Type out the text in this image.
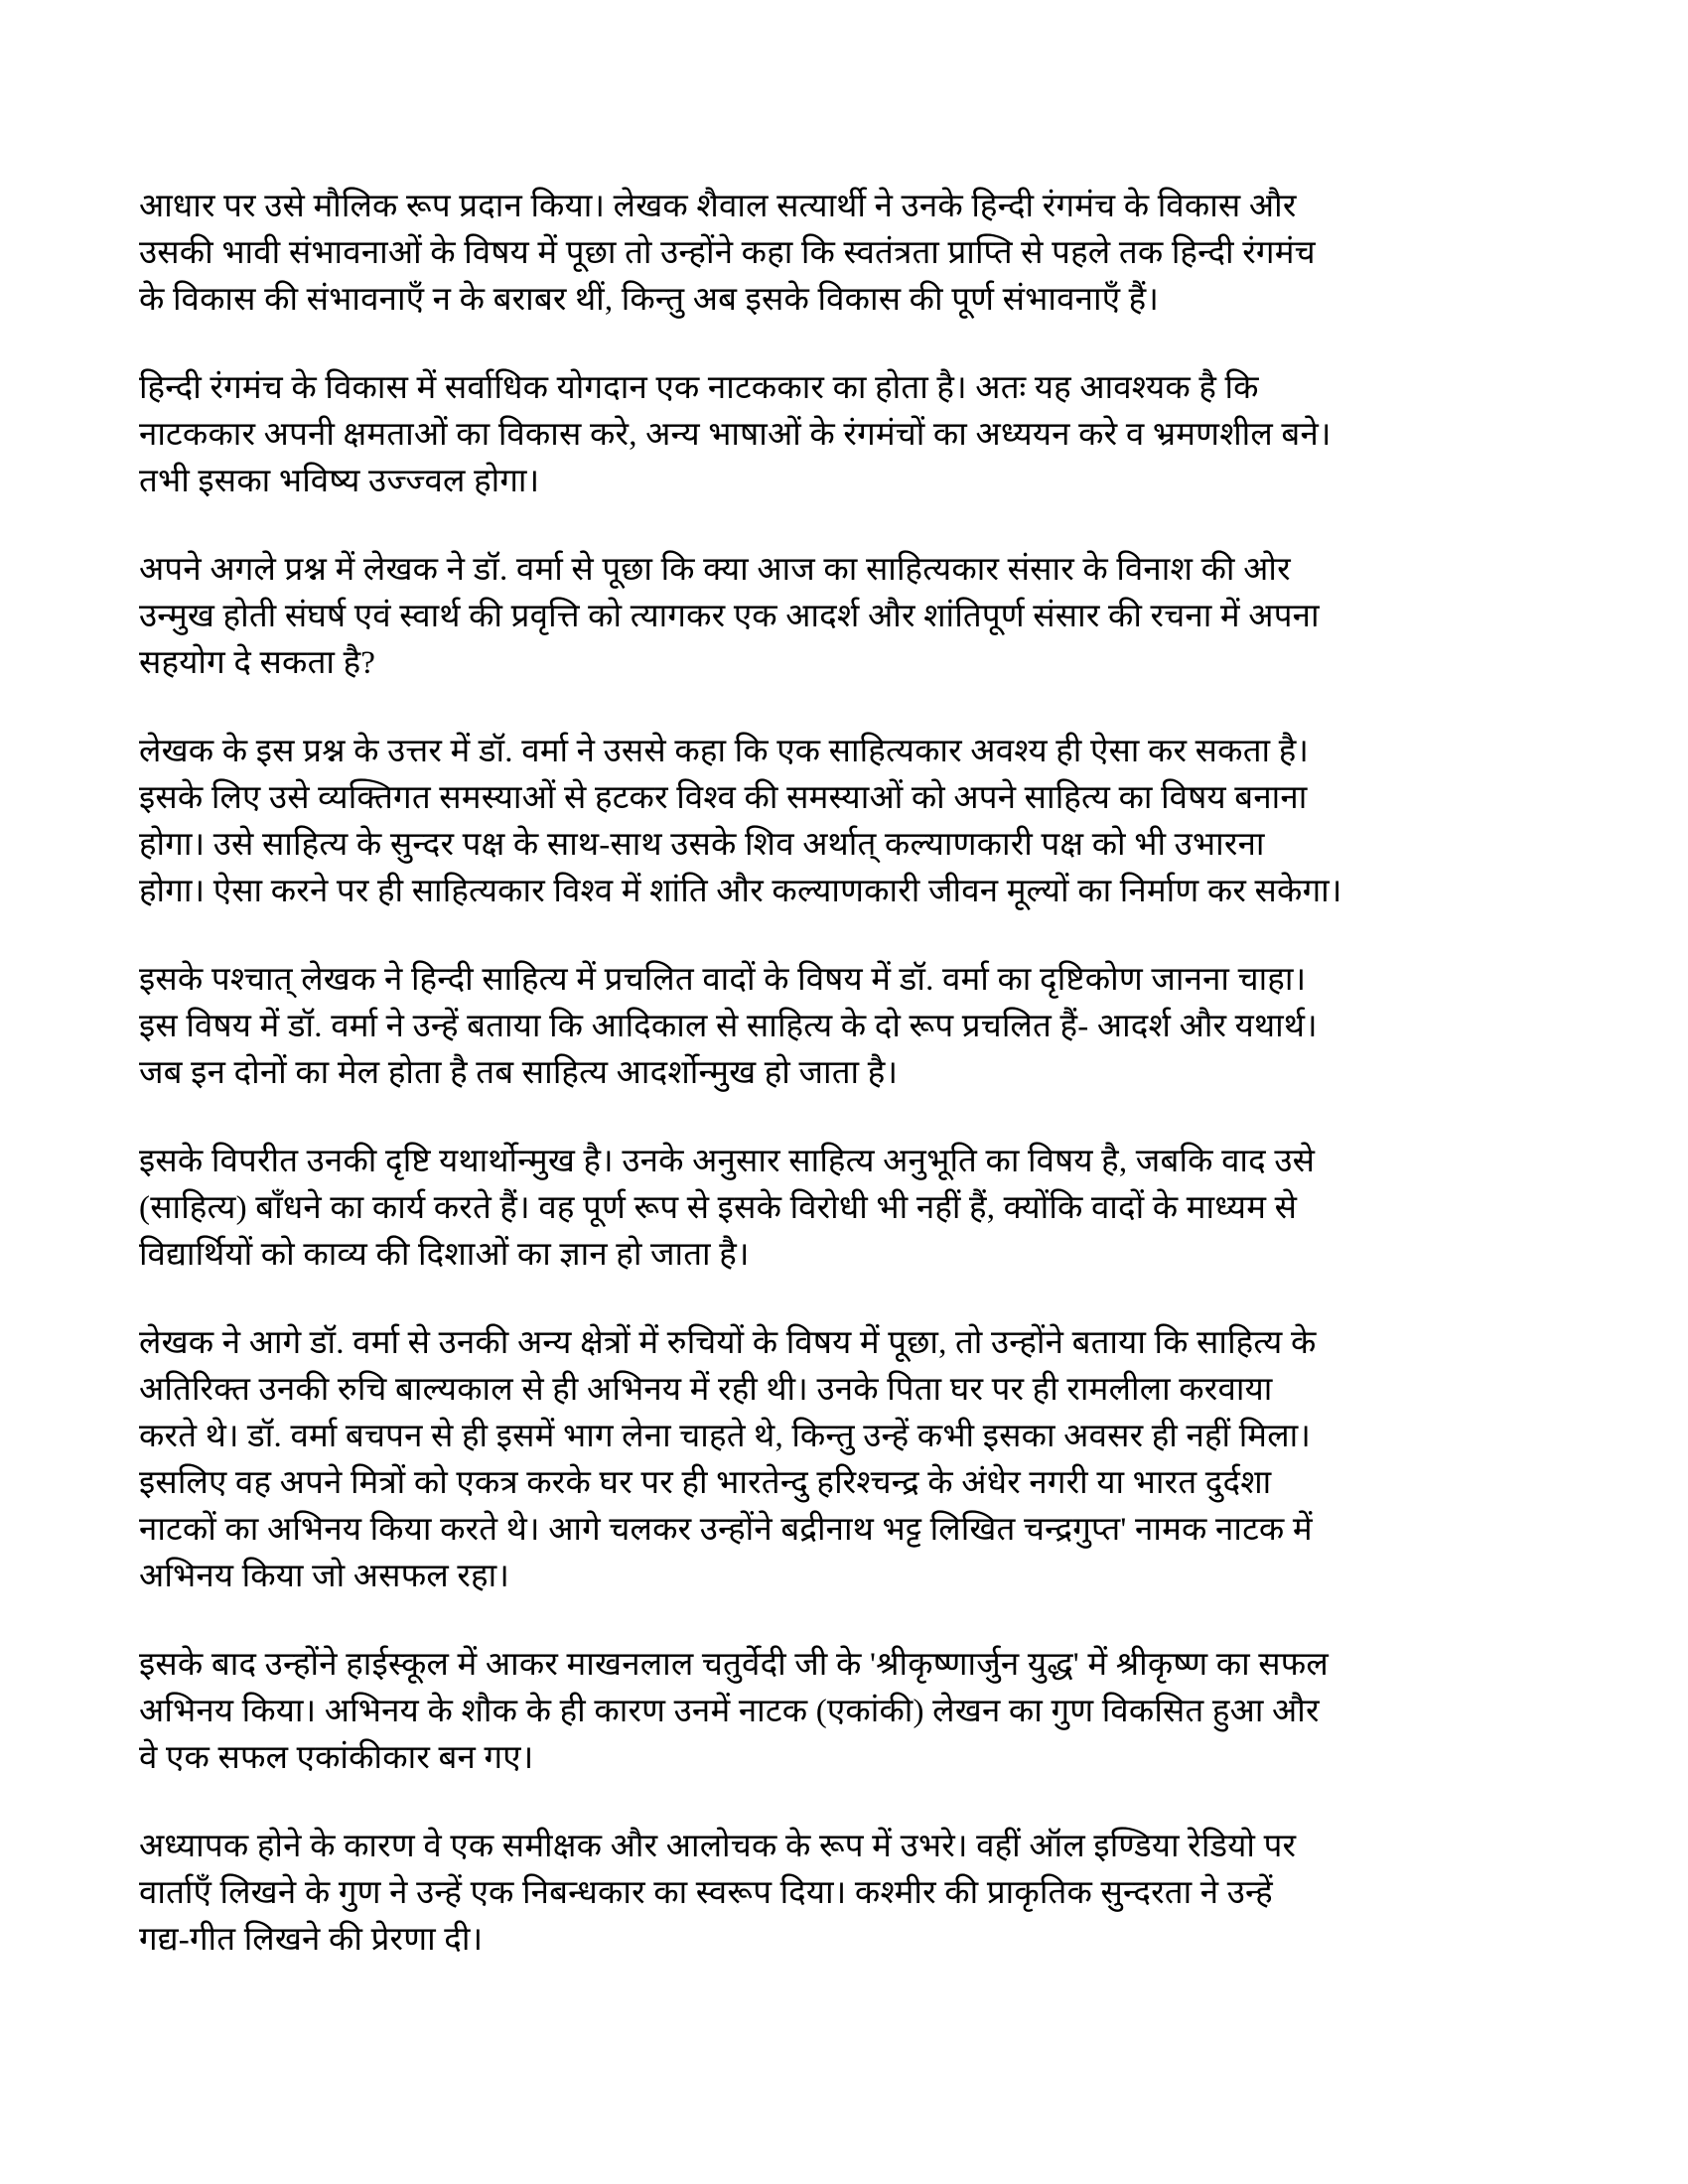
आधार पर उसे मौलिक रूप प्रदान किया। लेखक शैवाल सत्यार्थी ने उनके हिन्दी रंगमंच के विकास और
उसकी भावी संभावनाओं के विषय में पूछा तो उन्होंने कहा कि स्वतंत्रता प्राप्ति से पहले तक हिन्दी रंगमंच
के विकास की संभावनाएँ न के बराबर थीं, किन्तु अब इसके विकास की पूर्ण संभावनाएँ हैं।

हिन्दी रंगमंच के विकास में सर्वाधिक योगदान एक नाटककार का होता है। अतः यह आवश्यक है कि
नाटककार अपनी क्षमताओं का विकास करे, अन्य भाषाओं के रंगमंचों का अध्ययन करे व भ्रमणशील बने।
तभी इसका भविष्य उज्ज्वल होगा।

अपने अगले प्रश्न में लेखक ने डॉ. वर्मा से पूछा कि क्या आज का साहित्यकार संसार के विनाश की ओर
उन्मुख होती संघर्ष एवं स्वार्थ की प्रवृत्ति को त्यागकर एक आदर्श और शांतिपूर्ण संसार की रचना में अपना
सहयोग दे सकता है?

लेखक के इस प्रश्न के उत्तर में डॉ. वर्मा ने उससे कहा कि एक साहित्यकार अवश्य ही ऐसा कर सकता है।
इसके लिए उसे व्यक्तिगत समस्याओं से हटकर विश्व की समस्याओं को अपने साहित्य का विषय बनाना
होगा। उसे साहित्य के सुन्दर पक्ष के साथ-साथ उसके शिव अर्थात् कल्याणकारी पक्ष को भी उभारना
होगा। ऐसा करने पर ही साहित्यकार विश्व में शांति और कल्याणकारी जीवन मूल्यों का निर्माण कर सकेगा।

इसके पश्चात् लेखक ने हिन्दी साहित्य में प्रचलित वादों के विषय में डॉ. वर्मा का दृष्टिकोण जानना चाहा।
इस विषय में डॉ. वर्मा ने उन्हें बताया कि आदिकाल से साहित्य के दो रूप प्रचलित हैं- आदर्श और यथार्थ।
जब इन दोनों का मेल होता है तब साहित्य आदर्शोन्मुख हो जाता है।

इसके विपरीत उनकी दृष्टि यथार्थोन्मुख है। उनके अनुसार साहित्य अनुभूति का विषय है, जबकि वाद उसे
(साहित्य) बाँधने का कार्य करते हैं। वह पूर्ण रूप से इसके विरोधी भी नहीं हैं, क्योंकि वादों के माध्यम से
विद्यार्थियों को काव्य की दिशाओं का ज्ञान हो जाता है।

लेखक ने आगे डॉ. वर्मा से उनकी अन्य क्षेत्रों में रुचियों के विषय में पूछा, तो उन्होंने बताया कि साहित्य के
अतिरिक्त उनकी रुचि बाल्यकाल से ही अभिनय में रही थी। उनके पिता घर पर ही रामलीला करवाया
करते थे। डॉ. वर्मा बचपन से ही इसमें भाग लेना चाहते थे, किन्तु उन्हें कभी इसका अवसर ही नहीं मिला।
इसलिए वह अपने मित्रों को एकत्र करके घर पर ही भारतेन्दु हरिश्चन्द्र के अंधेर नगरी या भारत दुर्दशा
नाटकों का अभिनय किया करते थे। आगे चलकर उन्होंने बद्रीनाथ भट्ट लिखित चन्द्रगुप्त' नामक नाटक में
अभिनय किया जो असफल रहा।

इसके बाद उन्होंने हाईस्कूल में आकर माखनलाल चतुर्वेदी जी के 'श्रीकृष्णार्जुन युद्ध' में श्रीकृष्ण का सफल
अभिनय किया। अभिनय के शौक के ही कारण उनमें नाटक (एकांकी) लेखन का गुण विकसित हुआ और
वे एक सफल एकांकीकार बन गए।

अध्यापक होने के कारण वे एक समीक्षक और आलोचक के रूप में उभरे। वहीं ऑल इण्डिया रेडियो पर
वार्ताएँ लिखने के गुण ने उन्हें एक निबन्धकार का स्वरूप दिया। कश्मीर की प्राकृतिक सुन्दरता ने उन्हें
गद्य-गीत लिखने की प्रेरणा दी।
